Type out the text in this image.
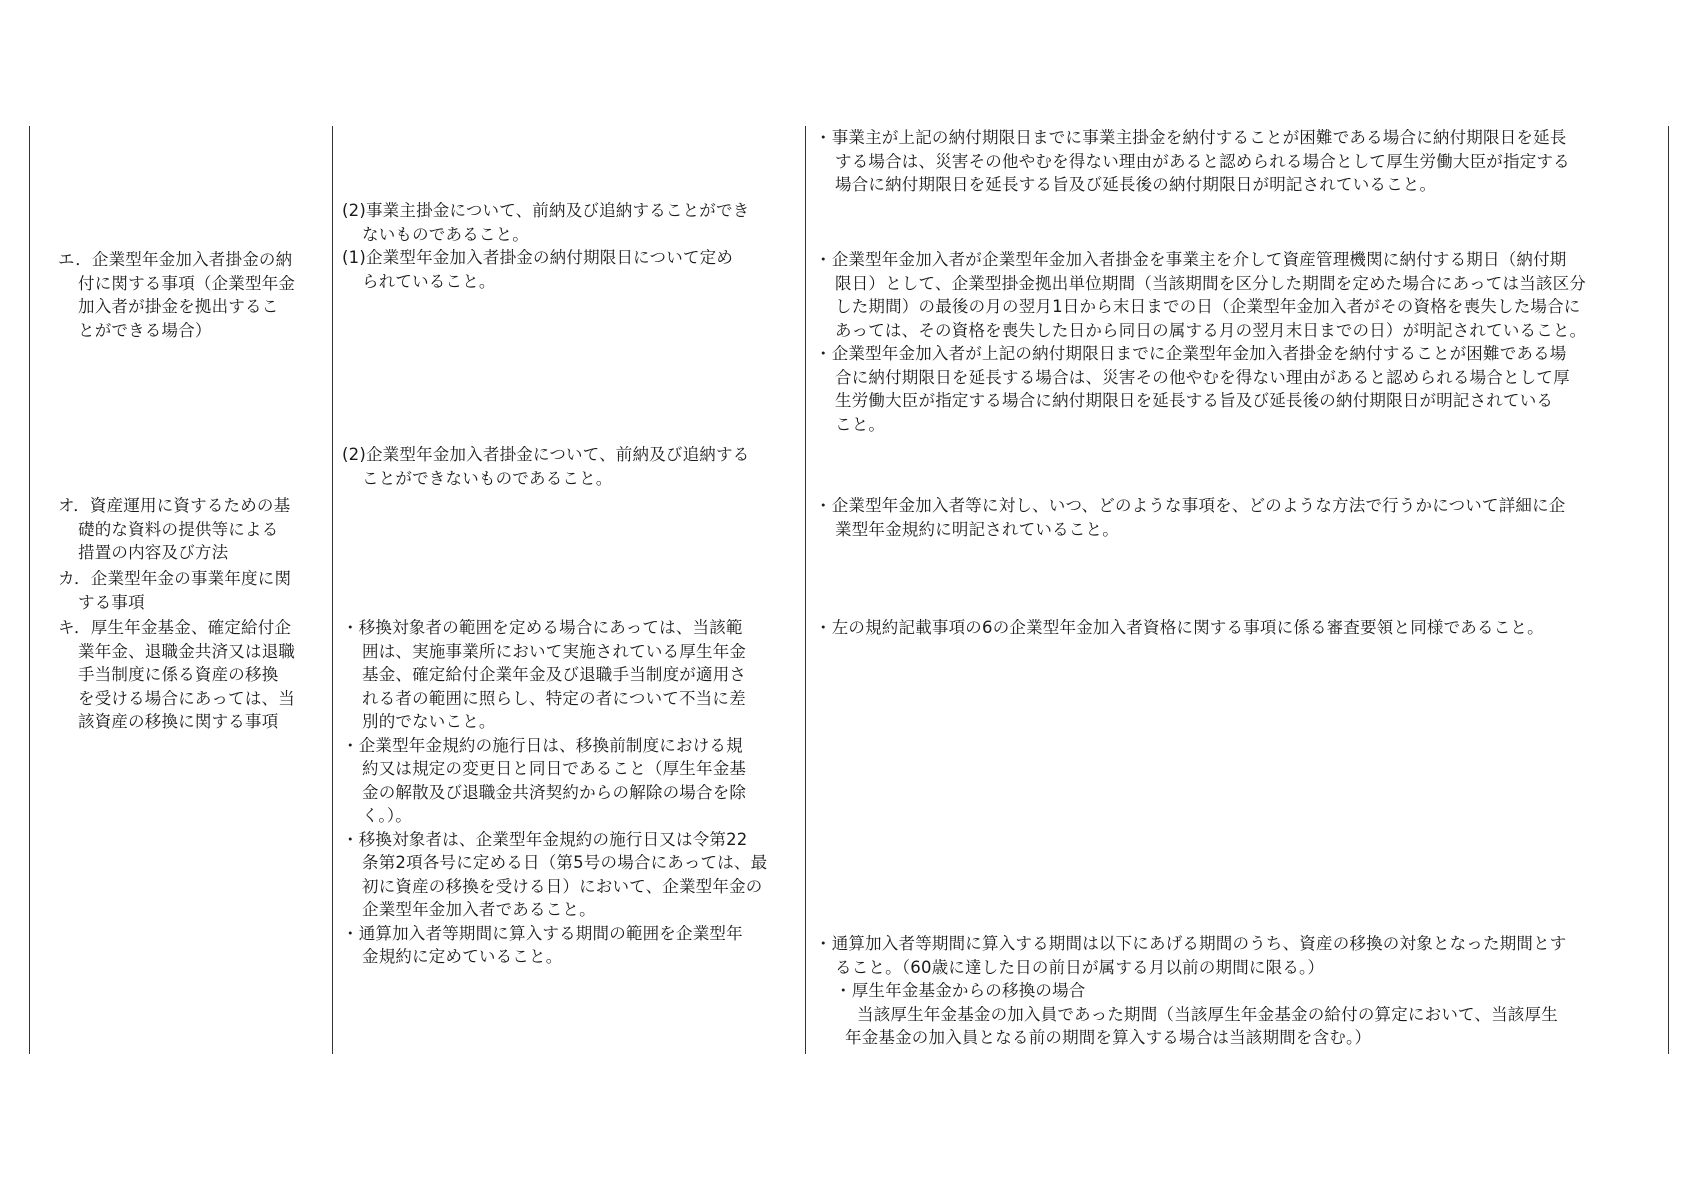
エ．企業型年金加入者掛金の納
付に関する事項（企業型年金
加入者が掛金を拠出するこ
とができる場合）
オ．資産運用に資するための基
礎的な資料の提供等による
措置の内容及び方法
カ．企業型年金の事業年度に関
する事項
キ．厚生年金基金、確定給付企
業年金、退職金共済又は退職
手当制度に係る資産の移換
を受ける場合にあっては、当
該資産の移換に関する事項
(2)事業主掛金について、前納及び追納することができ
ないものであること。
(1)企業型年金加入者掛金の納付期限日について定め
られていること。
(2)企業型年金加入者掛金について、前納及び追納する
ことができないものであること。
・移換対象者の範囲を定める場合にあっては、当該範
囲は、実施事業所において実施されている厚生年金
基金、確定給付企業年金及び退職手当制度が適用さ
れる者の範囲に照らし、特定の者について不当に差
別的でないこと。
・企業型年金規約の施行日は、移換前制度における規
約又は規定の変更日と同日であること（厚生年金基
金の解散及び退職金共済契約からの解除の場合を除
く。）。
・移換対象者は、企業型年金規約の施行日又は令第22
条第2項各号に定める日（第5号の場合にあっては、最
初に資産の移換を受ける日）において、企業型年金の
企業型年金加入者であること。
・通算加入者等期間に算入する期間の範囲を企業型年
金規約に定めていること。
・事業主が上記の納付期限日までに事業主掛金を納付することが困難である場合に納付期限日を延長
する場合は、災害その他やむを得ない理由があると認められる場合として厚生労働大臣が指定する
場合に納付期限日を延長する旨及び延長後の納付期限日が明記されていること。
・企業型年金加入者が企業型年金加入者掛金を事業主を介して資産管理機関に納付する期日（納付期
限日）として、企業型掛金拠出単位期間（当該期間を区分した期間を定めた場合にあっては当該区分
した期間）の最後の月の翌月1日から末日までの日（企業型年金加入者がその資格を喪失した場合に
あっては、その資格を喪失した日から同日の属する月の翌月末日までの日）が明記されていること。
・企業型年金加入者が上記の納付期限日までに企業型年金加入者掛金を納付することが困難である場
合に納付期限日を延長する場合は、災害その他やむを得ない理由があると認められる場合として厚
生労働大臣が指定する場合に納付期限日を延長する旨及び延長後の納付期限日が明記されている
こと。
・企業型年金加入者等に対し、いつ、どのような事項を、どのような方法で行うかについて詳細に企
業型年金規約に明記されていること。
・左の規約記載事項の6の企業型年金加入者資格に関する事項に係る審査要領と同様であること。
・通算加入者等期間に算入する期間は以下にあげる期間のうち、資産の移換の対象となった期間とす
ること。（60歳に達した日の前日が属する月以前の期間に限る。）
・厚生年金基金からの移換の場合
当該厚生年金基金の加入員であった期間（当該厚生年金基金の給付の算定において、当該厚生
年金基金の加入員となる前の期間を算入する場合は当該期間を含む。）
